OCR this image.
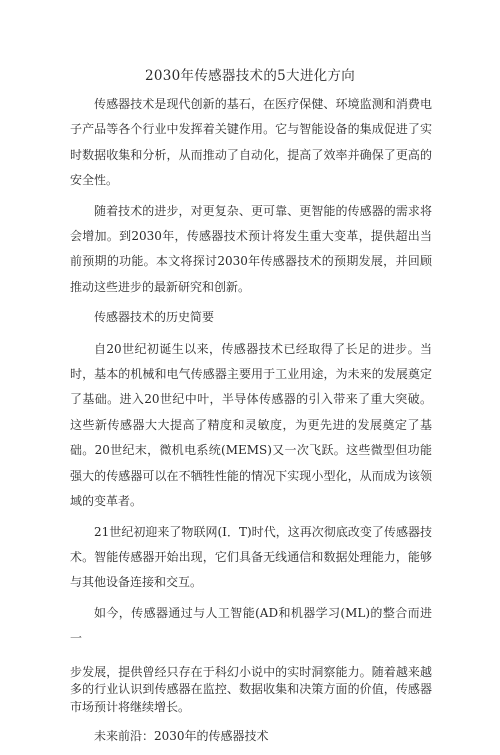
2030年传感器技术的5大进化方向

传感器技术是现代创新的基石，在医疗保健、环境监测和消费电子产品等各个行业中发挥着关键作用。它与智能设备的集成促进了实时数据收集和分析，从而推动了自动化，提高了效率并确保了更高的安全性。

随着技术的进步，对更复杂、更可靠、更智能的传感器的需求将会增加。到2030年，传感器技术预计将发生重大变革，提供超出当前预期的功能。本文将探讨2030年传感器技术的预期发展，并回顾推动这些进步的最新研究和创新。

传感器技术的历史简要

自20世纪初诞生以来，传感器技术已经取得了长足的进步。当时，基本的机械和电气传感器主要用于工业用途，为未来的发展奠定了基础。进入20世纪中叶，半导体传感器的引入带来了重大突破。这些新传感器大大提高了精度和灵敏度，为更先进的发展奠定了基础。20世纪末，微机电系统(MEMS)又一次飞跃。这些微型但功能强大的传感器可以在不牺牲性能的情况下实现小型化，从而成为该领域的变革者。

21世纪初迎来了物联网(I．T)时代，这再次彻底改变了传感器技术。智能传感器开始出现，它们具备无线通信和数据处理能力，能够与其他设备连接和交互。

如今，传感器通过与人工智能(AD和机器学习(ML)的整合而进一

步发展，提供曾经只存在于科幻小说中的实时洞察能力。随着越来越多的行业认识到传感器在监控、数据收集和决策方面的价值，传感器市场预计将继续增长。

未来前沿：2030年的传感器技术
